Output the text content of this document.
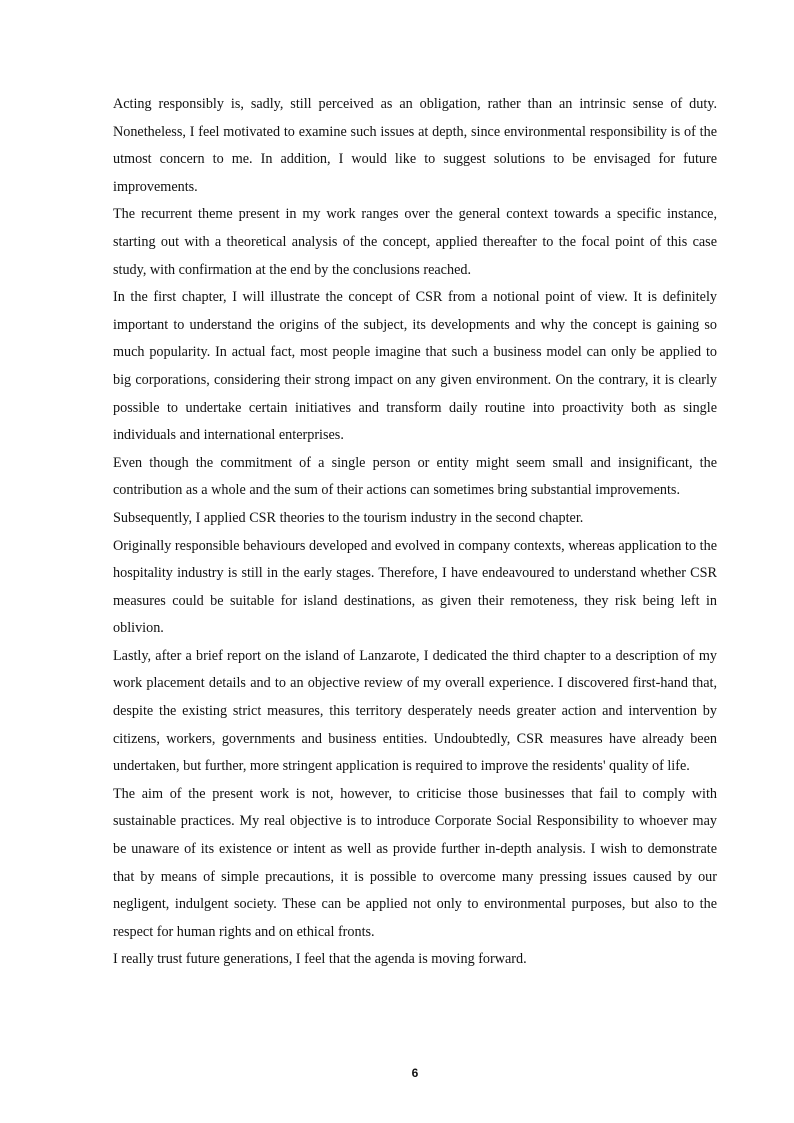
Acting responsibly is, sadly, still perceived as an obligation, rather than an intrinsic sense of duty. Nonetheless, I feel motivated to examine such issues at depth, since environmental responsibility is of the utmost concern to me. In addition, I would like to suggest solutions to be envisaged for future improvements.

The recurrent theme present in my work ranges over the general context towards a specific instance, starting out with a theoretical analysis of the concept, applied thereafter to the focal point of this case study, with confirmation at the end by the conclusions reached.

In the first chapter, I will illustrate the concept of CSR from a notional point of view. It is definitely important to understand the origins of the subject, its developments and why the concept is gaining so much popularity. In actual fact, most people imagine that such a business model can only be applied to big corporations, considering their strong impact on any given environment. On the contrary, it is clearly possible to undertake certain initiatives and transform daily routine into proactivity both as single individuals and international enterprises.

Even though the commitment of a single person or entity might seem small and insignificant, the contribution as a whole and the sum of their actions can sometimes bring substantial improvements.

Subsequently, I applied CSR theories to the tourism industry in the second chapter.

Originally responsible behaviours developed and evolved in company contexts, whereas application to the hospitality industry is still in the early stages. Therefore, I have endeavoured to understand whether CSR measures could be suitable for island destinations, as given their remoteness, they risk being left in oblivion.

Lastly, after a brief report on the island of Lanzarote, I dedicated the third chapter to a description of my work placement details and to an objective review of my overall experience. I discovered first-hand that, despite the existing strict measures, this territory desperately needs greater action and intervention by citizens, workers, governments and business entities. Undoubtedly, CSR measures have already been undertaken, but further, more stringent application is required to improve the residents' quality of life.

The aim of the present work is not, however, to criticise those businesses that fail to comply with sustainable practices. My real objective is to introduce Corporate Social Responsibility to whoever may be unaware of its existence or intent as well as provide further in-depth analysis. I wish to demonstrate that by means of simple precautions, it is possible to overcome many pressing issues caused by our negligent, indulgent society. These can be applied not only to environmental purposes, but also to the respect for human rights and on ethical fronts.

I really trust future generations, I feel that the agenda is moving forward.

6
